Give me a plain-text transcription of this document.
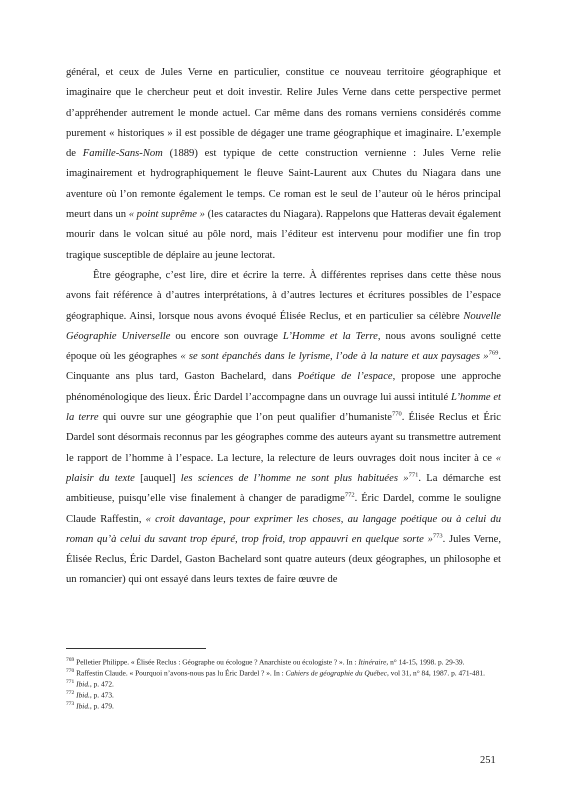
général, et ceux de Jules Verne en particulier, constitue ce nouveau territoire géographique et imaginaire que le chercheur peut et doit investir. Relire Jules Verne dans cette perspective permet d’appréhender autrement le monde actuel. Car même dans des romans verniens considérés comme purement « historiques » il est possible de dégager une trame géographique et imaginaire. L’exemple de Famille-Sans-Nom (1889) est typique de cette construction vernienne : Jules Verne relie imaginairement et hydrographiquement le fleuve Saint-Laurent aux Chutes du Niagara dans une aventure où l’on remonte également le temps. Ce roman est le seul de l’auteur où le héros principal meurt dans un « point suprême » (les cataractes du Niagara). Rappelons que Hatteras devait également mourir dans le volcan situé au pôle nord, mais l’éditeur est intervenu pour modifier une fin trop tragique susceptible de déplaire au jeune lectorat.

Être géographe, c’est lire, dire et écrire la terre. À différentes reprises dans cette thèse nous avons fait référence à d’autres interprétations, à d’autres lectures et écritures possibles de l’espace géographique. Ainsi, lorsque nous avons évoqué Élisée Reclus, et en particulier sa célèbre Nouvelle Géographie Universelle ou encore son ouvrage L’Homme et la Terre, nous avons souligné cette époque où les géographes « se sont épanchés dans le lyrisme, l’ode à la nature et aux paysages »$^{769}$. Cinquante ans plus tard, Gaston Bachelard, dans Poétique de l’espace, propose une approche phénoménologique des lieux. Éric Dardel l’accompagne dans un ouvrage lui aussi intitulé L’homme et la terre qui ouvre sur une géographie que l’on peut qualifier d’humaniste$^{770}$. Élisée Reclus et Éric Dardel sont désormais reconnus par les géographes comme des auteurs ayant su transmettre autrement le rapport de l’homme à l’espace. La lecture, la relecture de leurs ouvrages doit nous inciter à ce « plaisir du texte [auquel] les sciences de l’homme ne sont plus habituées »$^{771}$. La démarche est ambitieuse, puisqu’elle vise finalement à changer de paradigme$^{772}$. Éric Dardel, comme le souligne Claude Raffestin, « croit davantage, pour exprimer les choses, au langage poétique ou à celui du roman qu’à celui du savant trop épuré, trop froid, trop appauvri en quelque sorte »$^{773}$. Jules Verne, Élisée Reclus, Éric Dardel, Gaston Bachelard sont quatre auteurs (deux géographes, un philosophe et un romancier) qui ont essayé dans leurs textes de faire œuvre de

$^{769}$ Pelletier Philippe. « Élisée Reclus : Géographe ou écologue ? Anarchiste ou écologiste ? ». In : Itinéraire, n° 14-15, 1998. p. 29-39.

$^{770}$ Raffestin Claude. « Pourquoi n’avons-nous pas lu Éric Dardel ? ». In : Cahiers de géographie du Québec, vol 31, n° 84, 1987. p. 471-481.

$^{771}$ Ibid., p. 472.

$^{772}$ Ibid., p. 473.

$^{773}$ Ibid., p. 479.

251
